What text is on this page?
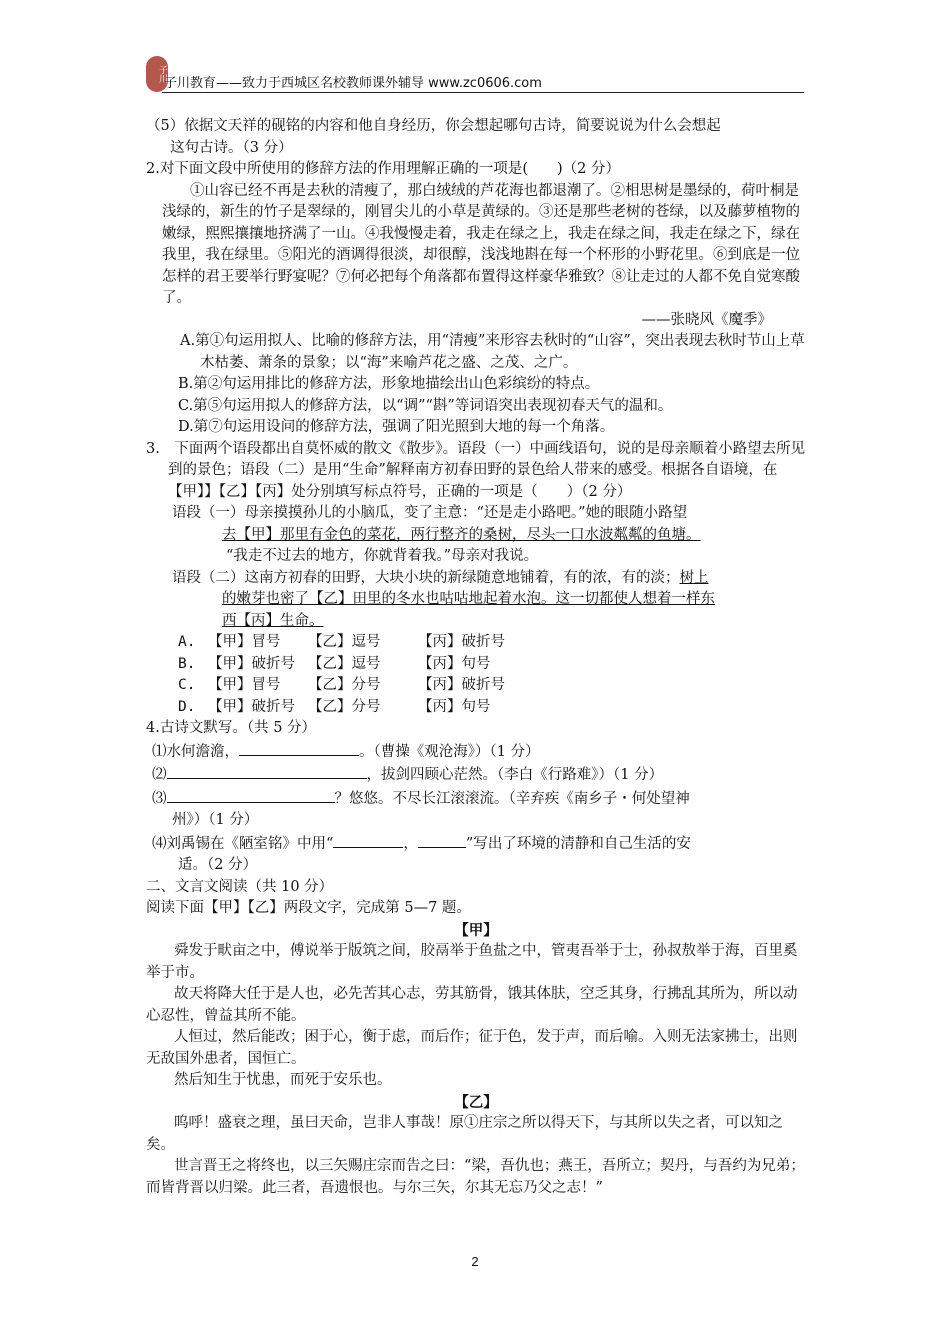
子川
子川教育——致力于西城区名校教师课外辅导 www.zc0606.com

（5）依据文天祥的砚铭的内容和他自身经历，你会想起哪句古诗，简要说说为什么会想起

这句古诗。（3 分）

2.对下面文段中所使用的修辞方法的作用理解正确的一项是(　　)（2 分）

①山容已经不再是去秋的清瘦了，那白绒绒的芦花海也都退潮了。②相思树是墨绿的，荷叶桐是浅绿的，新生的竹子是翠绿的，刚冒尖儿的小草是黄绿的。③还是那些老树的苍绿，以及藤萝植物的嫩绿，熙熙攘攘地挤满了一山。④我慢慢走着，我走在绿之上，我走在绿之间，我走在绿之下，绿在我里，我在绿里。⑤阳光的酒调得很淡，却很醇，浅浅地斟在每一个杯形的小野花里。⑥到底是一位怎样的君王要举行野宴呢？⑦何必把每个角落都布置得这样豪华雅致？⑧让走过的人都不免自觉寒酸了。

——张晓风《魔季》

A.第①句运用拟人、比喻的修辞方法，用“清瘦”来形容去秋时的“山容”，突出表现去秋时节山上草木枯萎、萧条的景象；以“海”来喻芦花之盛、之茂、之广。

B.第②句运用排比的修辞方法，形象地描绘出山色彩缤纷的特点。

C.第⑤句运用拟人的修辞方法，以“调”“斟”等词语突出表现初春天气的温和。

D.第⑦句运用设问的修辞方法，强调了阳光照到大地的每一个角落。

3.　下面两个语段都出自莫怀威的散文《散步》。语段（一）中画线语句，说的是母亲顺着小路望去所见到的景色；语段（二）是用“生命”解释南方初春田野的景色给人带来的感受。根据各自语境，在【甲】】【乙】【丙】处分别填写标点符号，正确的一项是（　　）（2 分）

语段（一）母亲摸摸孙儿的小脑瓜，变了主意：“还是走小路吧。”她的眼随小路望

去【甲】那里有金色的菜花，两行整齐的桑树，尽头一口水波粼粼的鱼塘。

“我走不过去的地方，你就背着我。”母亲对我说。

语段（二）这南方初春的田野，大块小块的新绿随意地铺着，有的浓，有的淡；树上

的嫩芽也密了【乙】田里的冬水也咕咕地起着水泡。这一切都使人想着一样东

西【丙】生命。

A. 【甲】冒号 【乙】逗号	【丙】破折号

B. 【甲】破折号 【乙】逗号	【丙】句号

C. 【甲】冒号 【乙】分号	【丙】破折号

D. 【甲】破折号 【乙】分号	【丙】句号

4.古诗文默写。（共 5 分）

⑴水何澹澹，	。（曹操《观沧海》）（1 分）

⑵	，拔剑四顾心茫然。（李白《行路难》）（1 分）

⑶	？悠悠。不尽长江滚滚流。（辛弃疾《南乡子・何处望神

州》）（1 分）

⑷刘禹锡在《陋室铭》中用“	，	”写出了环境的清静和自己生活的安

适。（2 分）

二、文言文阅读（共 10 分）

阅读下面【甲】【乙】两段文字，完成第 5—7 题。

【甲】

舜发于畎亩之中，傅说举于版筑之间，胶鬲举于鱼盐之中，管夷吾举于士，孙叔敖举于海，百里奚举于市。

故天将降大任于是人也，必先苦其心志，劳其筋骨，饿其体肤，空乏其身，行拂乱其所为，所以动心忍性，曾益其所不能。

人恒过，然后能改；困于心，衡于虑，而后作；征于色，发于声，而后喻。入则无法家拂士，出则无敌国外患者，国恒亡。

然后知生于忧患，而死于安乐也。

【乙】

呜呼！盛衰之理，虽曰天命，岂非人事哉！原①庄宗之所以得天下，与其所以失之者，可以知之矣。

世言晋王之将终也，以三矢赐庄宗而告之曰：“梁，吾仇也；燕王，吾所立；契丹，与吾约为兄弟；而皆背晋以归梁。此三者，吾遗恨也。与尔三矢，尔其无忘乃父之志！”

2
